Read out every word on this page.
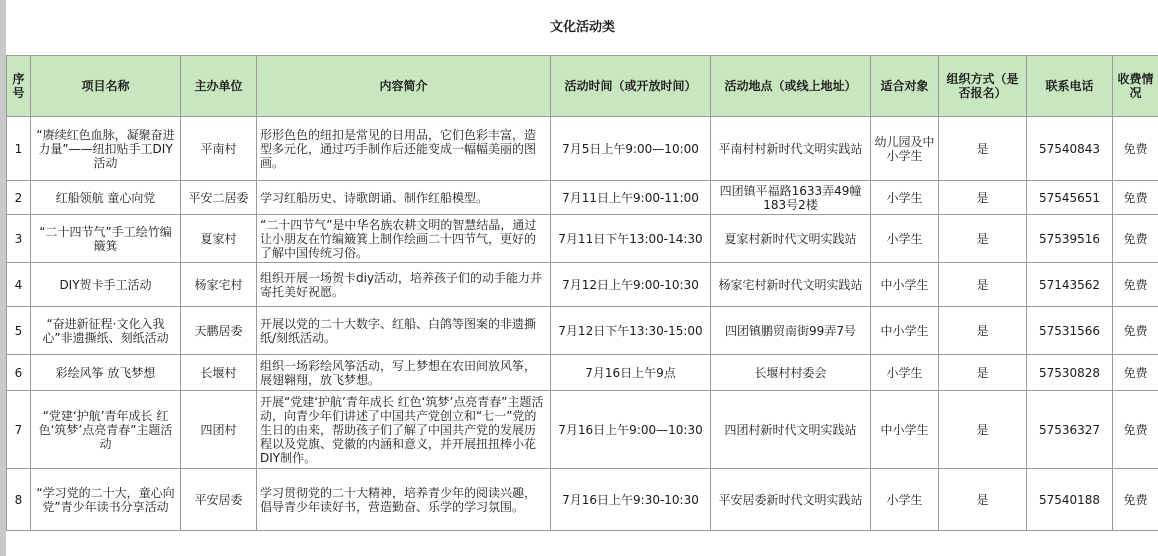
文化活动类									
序号	项目名称	主办单位	内容简介	活动时间（或开放时间）	活动地点（或线上地址）	适合对象	组织方式（是否报名）	联系电话	收费情况
1	“赓续红色血脉，凝聚奋进力量”——纽扣贴手工DIY活动	平南村	形形色色的纽扣是常见的日用品，它们色彩丰富，造型多元化，通过巧手制作后还能变成一幅幅美丽的图画。	7月5日上午9:00—10:00	平南村村新时代文明实践站	幼儿园及中小学生	是	57540843	免费
2	红船领航 童心向党	平安二居委	学习红船历史、诗歌朗诵、制作红船模型。	7月11日上午9:00-11:00	四团镇平福路1633弄49幢183号2楼	小学生	是	57545651	免费
3	“二十四节气”手工绘竹编簸箕	夏家村	“二十四节气”是中华名族农耕文明的智慧结晶，通过让小朋友在竹编簸箕上制作绘画二十四节气，更好的了解中国传统习俗。	7月11日下午13:00-14:30	夏家村新时代文明实践站	小学生	是	57539516	免费
4	DIY贺卡手工活动	杨家宅村	组织开展一场贺卡diy活动，培养孩子们的动手能力并寄托美好祝愿。	7月12日上午9:00-10:30	杨家宅村新时代文明实践站	中小学生	是	57143562	免费
5	“奋进新征程·文化入我心”非遗撕纸、刻纸活动	天鹏居委	开展以党的二十大数字、红船、白鸽等图案的非遗撕纸/刻纸活动。	7月12日下午13:30-15:00	四团镇鹏贸南街99弄7号	中小学生	是	57531566	免费
6	彩绘风筝 放飞梦想	长堰村	组织一场彩绘风筝活动，写上梦想在农田间放风筝，展翅翱翔，放飞梦想。	7月16日上午9点	长堰村村委会	小学生	是	57530828	免费
7	“党建‘护航’青年成长 红色‘筑梦’点亮青春”主题活动	四团村	开展“党建‘护航’青年成长 红色‘筑梦’点亮青春”主题活动，向青少年们讲述了中国共产党创立和“七一”党的生日的由来，帮助孩子们了解了中国共产党的发展历程以及党旗、党徽的内涵和意义，并开展扭扭棒小花DIY制作。	7月16日上午9:00—10:30	四团村新时代文明实践站	中小学生	是	57536327	免费
8	“学习党的二十大，童心向党”青少年读书分享活动	平安居委	学习贯彻党的二十大精神，培养青少年的阅读兴趣，倡导青少年读好书，营造勤奋、乐学的学习氛围。	7月16日上午9:30-10:30	平安居委新时代文明实践站	小学生	是	57540188	免费
